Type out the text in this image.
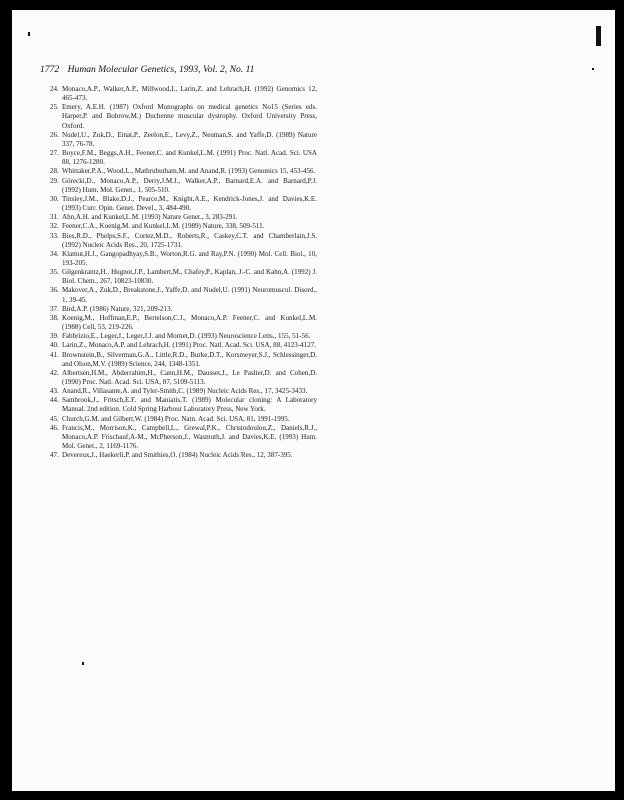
1772 Human Molecular Genetics, 1993, Vol. 2, No. 11

24. Monaco,A.P., Walker,A.P., Millwood,I., Larin,Z. and Lehrach,H. (1992) Genomics 12, 465-473.

25. Emery, A.E.H. (1987) Oxford Monographs on medical genetics No15 (Series eds. Harper,P. and Bobrow,M.) Duchenne muscular dystrophy. Oxford University Press, Oxford.

26. Nudel,U., Zuk,D., Einat,P., Zeelon,E., Levy,Z., Neuman,S. and Yaffe,D. (1989) Nature 337, 76-78.

27. Boyce,F.M., Beggs,A.H., Feener,C. and Kunkel,L.M. (1991) Proc. Natl. Acad. Sci. USA 88, 1276-1280.

28. Whittaker,P.A., Wood,L., Mathrubutham,M. and Anand,R. (1993) Genomics 15, 453-456.

29. Górecki,D., Monaco,A.P., Derry,J.M.J., Walker,A.P., Barnard,E.A. and Barnard,P.J. (1992) Hum. Mol. Genet., 1, 505-510.

30. Tinsley,J.M., Blake,D.J., Pearce,M., Knight,A.E., Kendrick-Jones,J. and Davies,K.E.(1993) Curr. Opin. Genet. Devel., 3, 484-490.

31. Ahn,A.H. and Kunkel,L.M. (1993) Nature Genet., 3, 283-291.

32. Feener,C.A., Koenig,M. and Kunkel,L.M. (1989) Nature, 338, 509-511.

33. Bies,R.D., Phelps,S.F., Cortez,M.D., Roberts,R., Caskey,C.T. and Chamberlain,J.S. (1992) Nucleic Acids Res., 20, 1725-1731.

34. Klamut,H.J., Gangopadhyay,S.B., Worton,R.G. and Ray,P.N. (1990) Mol. Cell. Biol., 10, 193-205.

35. Gilgenkrantz,H., Hugnot,J.P., Lambert,M., Chafey,P., Kaplan, J.-C. and Kahn,A. (1992) J. Biol. Chem., 267, 10823-10830.

36. Makover,A., Zuk,D., Breakstone,J., Yaffe,D. and Nudel,U. (1991) Neuromuscul. Disord., 1, 39-45.

37. Bird,A.P. (1986) Nature, 321, 209-213.

38. Koenig,M., Hoffman,E.P., Bertelson,C.J., Monaco,A.P. Feener,C. and Kunkel,L.M. (1988) Cell, 53, 219-226.

39. Fabbrizio,E., Leger,J., Leger,J.J. and Mornet,D. (1993) Neuroscience Letts., 155, 51-56.

40. Larin,Z., Monaco,A.P. and Lehrach,H. (1991) Proc. Natl. Acad. Sci. USA, 88, 4123-4127.

41. Brownstein,B., Silverman,G.A., Little,R.D., Burke,D.T., Korsmeyer,S.J., Schlessinger,D. and Olson,M.V. (1989) Science, 244, 1348-1351.

42. Albertsen,H.M., Abderrahim,H., Cann,H.M., Dausset,J., Le Paslier,D. and Cohen,D. (1990) Proc. Natl. Acad. Sci. USA, 87, 5109-5113.

43. Anand,R., Villasante,A. and Tyler-Smith,C. (1989) Nucleic Acids Res., 17, 3425-3433.

44. Sambrook,J., Fritsch,E.F. and Maniatis,T. (1989) Molecular cloning: A Laboratory Manual. 2nd edition. Cold Spring Harbour Laboratory Press, New York.

45. Church,G.M. and Gilbert,W. (1984) Proc. Natn. Acad. Sci. USA, 81, 1991-1995.

46. Francis,M., Morrison,K., Campbell,L., Grewal,P.K., Christodoulou,Z., Daniels,R.J., Monaco,A.P. Frischauf,A-M., McPherson,J., Wasmuth,J. and Davies,K.E. (1993) Hum. Mol. Genet., 2, 1169-1176.

47. Devereux,J., Haekerli,P. and Smithies,O. (1984) Nucleic Acids Res., 12, 387-395.
